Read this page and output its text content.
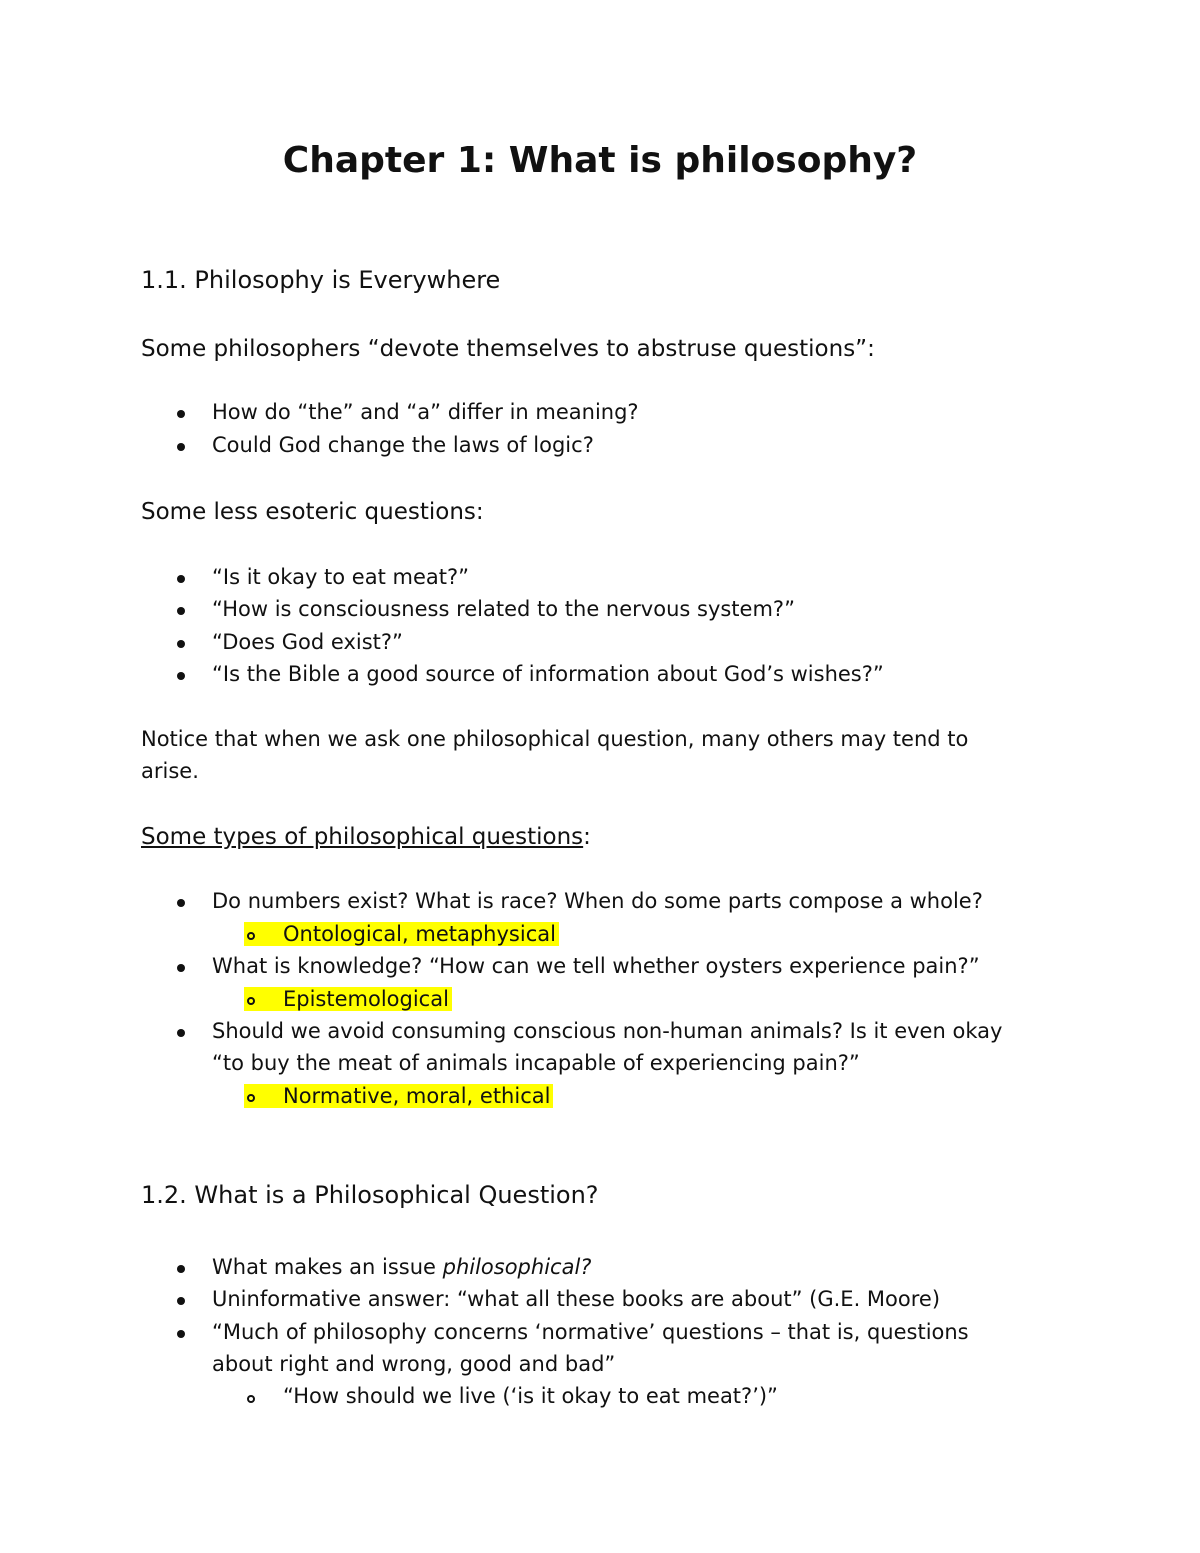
Chapter 1: What is philosophy?
1.1. Philosophy is Everywhere

Some philosophers “devote themselves to abstruse questions”:

How do “the” and “a” differ in meaning?
Could God change the laws of logic?

Some less esoteric questions:

“Is it okay to eat meat?”
“How is consciousness related to the nervous system?”
“Does God exist?”
“Is the Bible a good source of information about God’s wishes?”

Notice that when we ask one philosophical question, many others may tend to

arise.

Some types of philosophical questions:

Do numbers exist? What is race? When do some parts compose a whole?
Ontological, metaphysical
What is knowledge? “How can we tell whether oysters experience pain?”
Epistemological
Should we avoid consuming conscious non-human animals? Is it even okay
“to buy the meat of animals incapable of experiencing pain?”
Normative, moral, ethical
1.2. What is a Philosophical Question?
What makes an issue philosophical?
Uninformative answer: “what all these books are about” (G.E. Moore)
“Much of philosophy concerns ‘normative’ questions – that is, questions
about right and wrong, good and bad”
“How should we live (‘is it okay to eat meat?’)”
